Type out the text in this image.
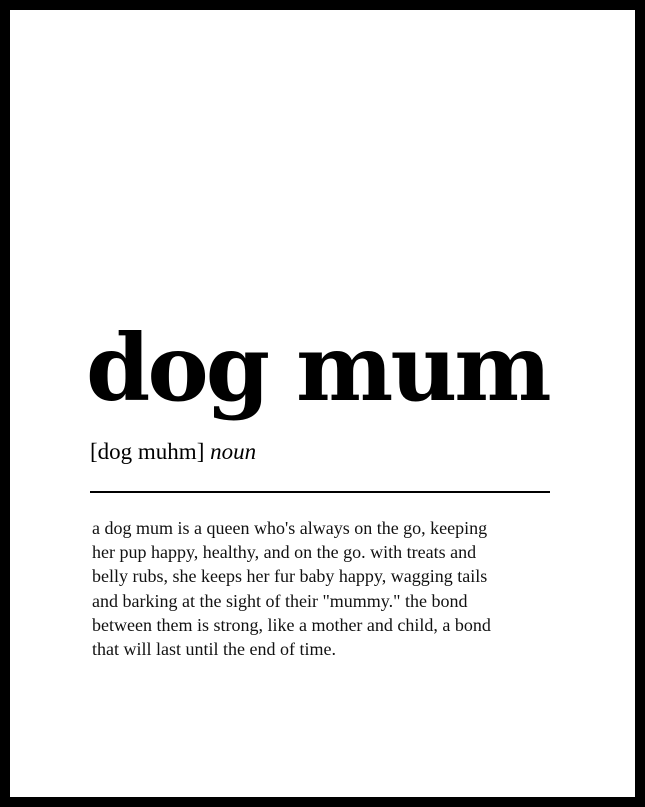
dog mum
[dog muhm] noun

a dog mum is a queen who's always on the go, keeping
her pup happy, healthy, and on the go. with treats and
belly rubs, she keeps her fur baby happy, wagging tails
and barking at the sight of their "mummy." the bond
between them is strong, like a mother and child, a bond
that will last until the end of time.
